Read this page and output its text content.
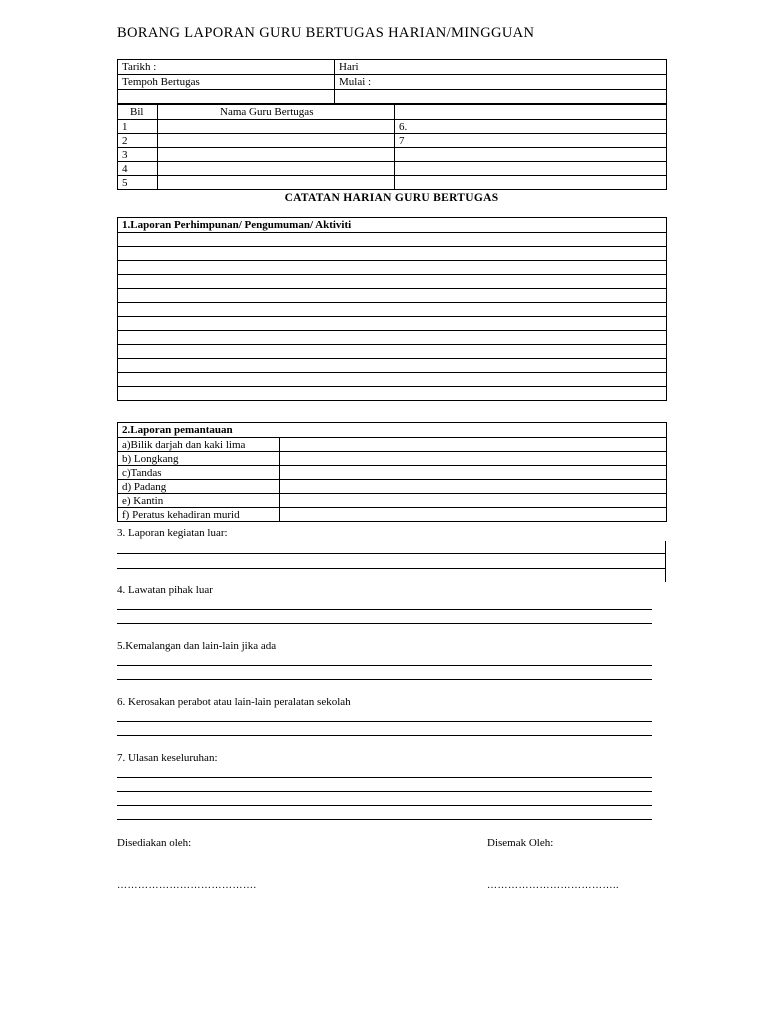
BORANG LAPORAN GURU BERTUGAS HARIAN/MINGGUAN
Tarikh :	Hari
Tempoh Bertugas	Mulai :

Bil	Nama Guru Bertugas	
1		6.
2		7
3		
4		
5		
CATATAN HARIAN GURU BERTUGAS
1.Laporan Perhimpunan/ Pengumuman/ Aktiviti

2.Laporan pemantauan	
a)Bilik darjah dan kaki lima	
b) Longkang	
c)Tandas	
d) Padang	
e) Kantin	
f) Peratus kehadiran murid	
3. Laporan kegiatan luar:
4. Lawatan pihak luar
5.Kemalangan dan lain-lain jika ada
6. Kerosakan perabot atau lain-lain peralatan sekolah
7. Ulasan keseluruhan:
Disediakan oleh:	Disemak Oleh:
………………………………….	………………………………..
